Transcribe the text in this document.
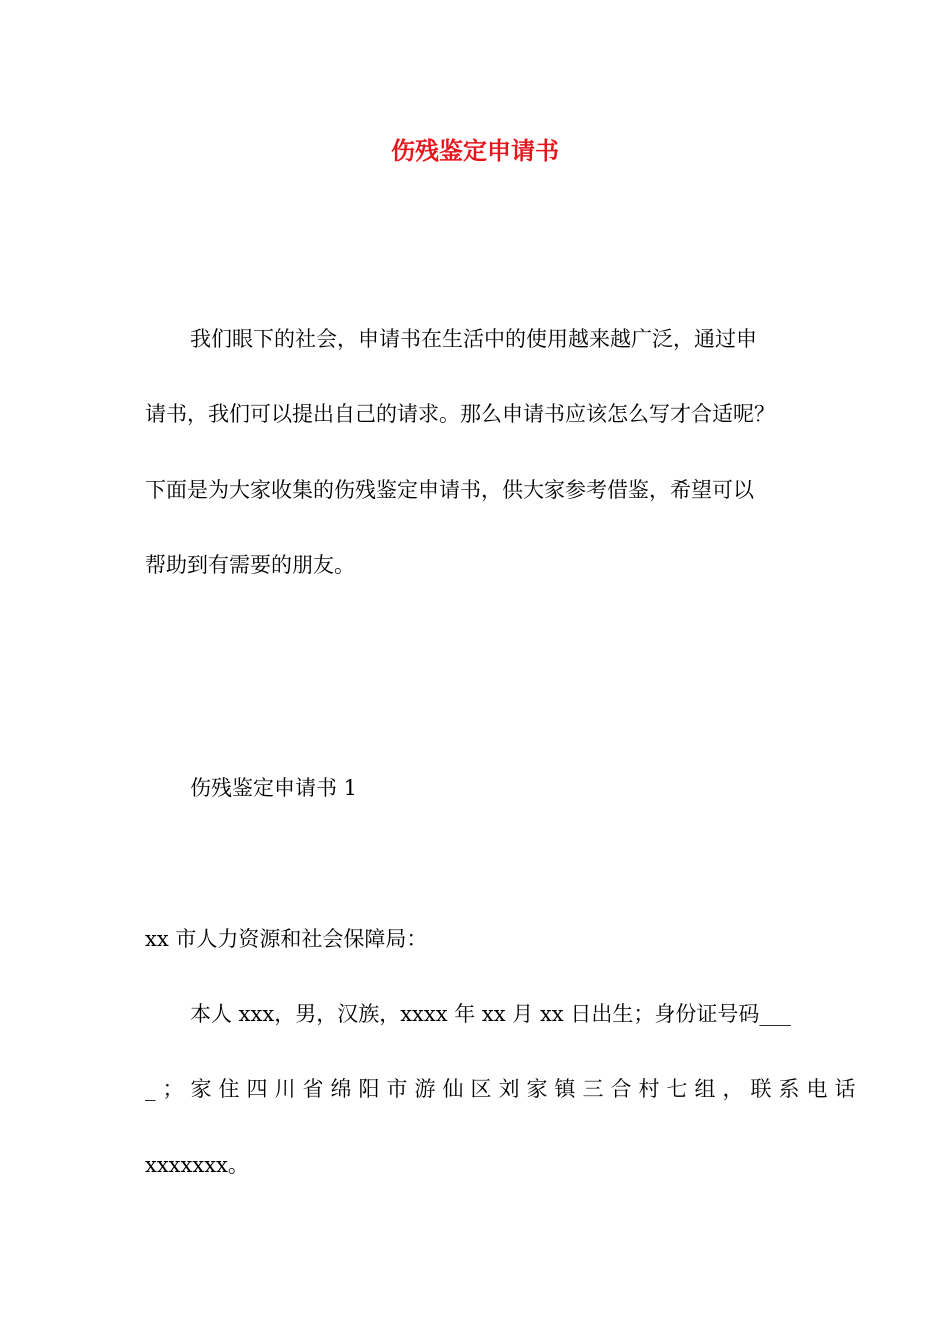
伤残鉴定申请书

我们眼下的社会，申请书在生活中的使用越来越广泛，通过申

请书，我们可以提出自己的请求。那么申请书应该怎么写才合适呢？

下面是为大家收集的伤残鉴定申请书，供大家参考借鉴，希望可以

帮助到有需要的朋友。

伤残鉴定申请书 1

xx 市人力资源和社会保障局：

本人 xxx，男，汉族，xxxx 年 xx 月 xx 日出生；身份证号码___

_；家住四川省绵阳市游仙区刘家镇三合村七组，联系电话

xxxxxxx。
